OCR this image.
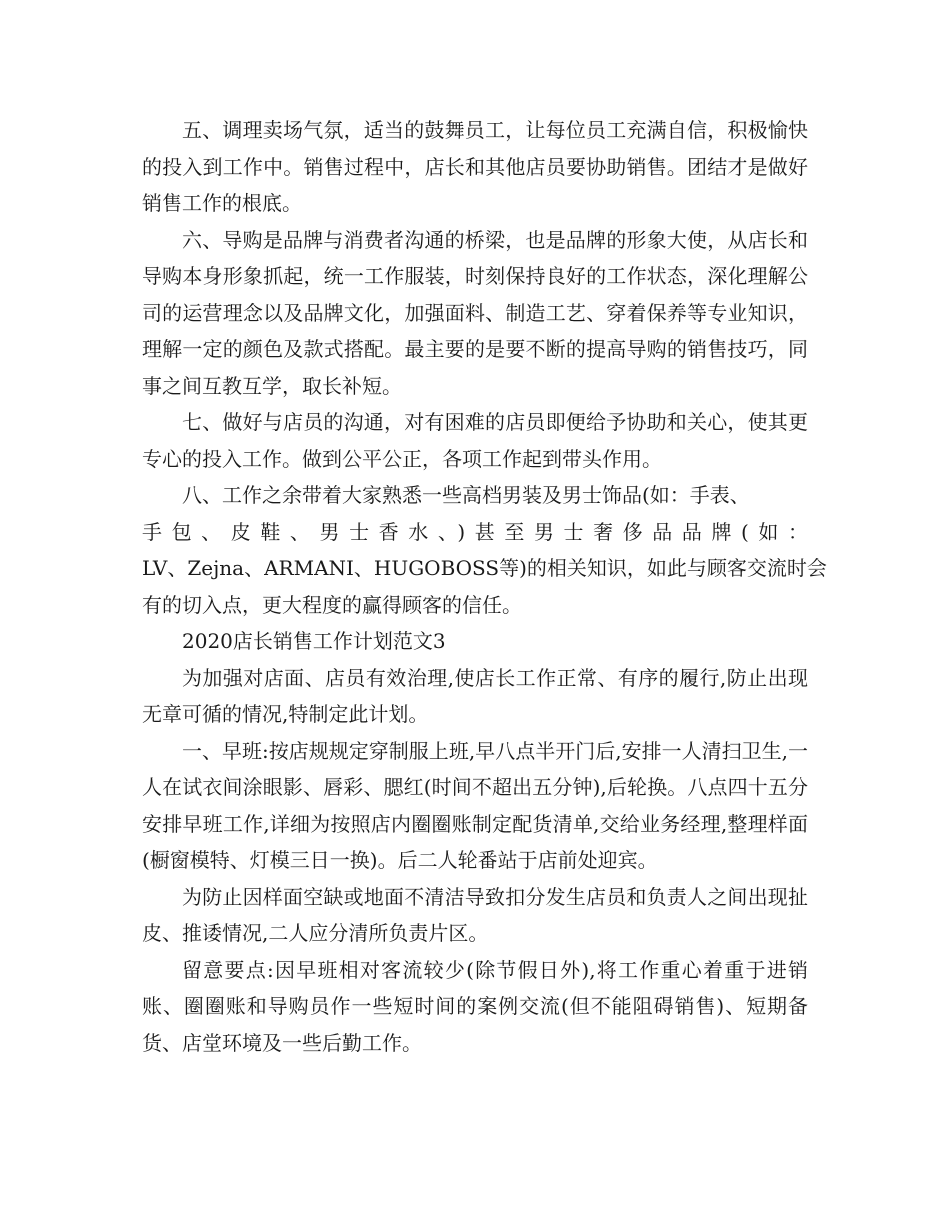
五、调理卖场气氛，适当的鼓舞员工，让每位员工充满自信，积极愉快的投入到工作中。销售过程中，店长和其他店员要协助销售。团结才是做好销售工作的根底。

六、导购是品牌与消费者沟通的桥梁，也是品牌的形象大使，从店长和导购本身形象抓起，统一工作服装，时刻保持良好的工作状态，深化理解公司的运营理念以及品牌文化，加强面料、制造工艺、穿着保养等专业知识，理解一定的颜色及款式搭配。最主要的是要不断的提高导购的销售技巧，同事之间互教互学，取长补短。

七、做好与店员的沟通，对有困难的店员即便给予协助和关心，使其更专心的投入工作。做到公平公正，各项工作起到带头作用。

八、工作之余带着大家熟悉一些高档男装及男士饰品(如：手表、
手包、皮鞋、男士香水、)甚至男士奢侈品品牌(如：
LV、Zejna、ARMANI、HUGOBOSS等)的相关知识，如此与顾客交流时会
有的切入点，更大程度的赢得顾客的信任。

2020店长销售工作计划范文3

为加强对店面、店员有效治理,使店长工作正常、有序的履行,防止出现无章可循的情况,特制定此计划。

一、早班:按店规规定穿制服上班,早八点半开门后,安排一人清扫卫生,一人在试衣间涂眼影、唇彩、腮红(时间不超出五分钟),后轮换。八点四十五分安排早班工作,详细为按照店内圈圈账制定配货清单,交给业务经理,整理样面(橱窗模特、灯模三日一换)。后二人轮番站于店前处迎宾。

为防止因样面空缺或地面不清洁导致扣分发生店员和负责人之间出现扯皮、推诿情况,二人应分清所负责片区。

留意要点:因早班相对客流较少(除节假日外),将工作重心着重于进销账、圈圈账和导购员作一些短时间的案例交流(但不能阻碍销售)、短期备货、店堂环境及一些后勤工作。
